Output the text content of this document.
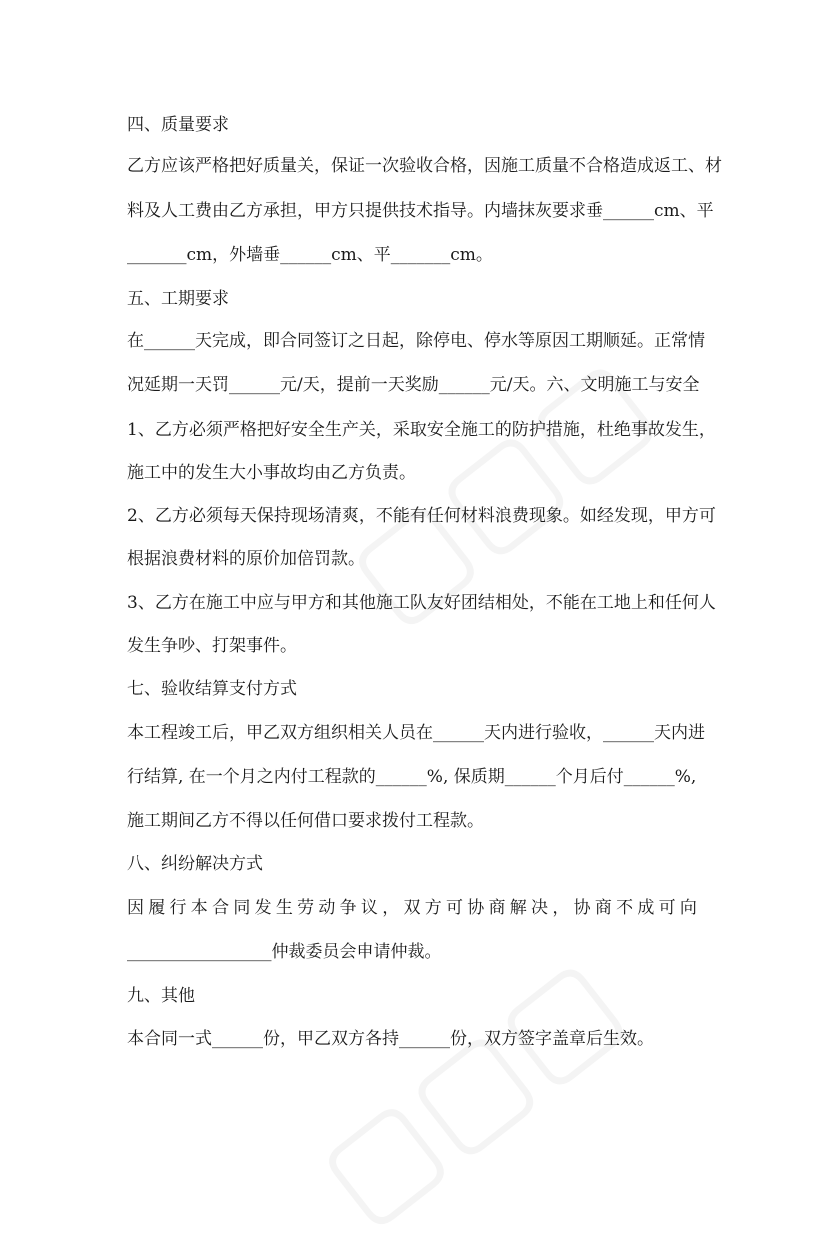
四、质量要求
乙方应该严格把好质量关，保证一次验收合格，因施工质量不合格造成返工、材
料及人工费由乙方承担，甲方只提供技术指导。内墙抹灰要求垂______cm、平
_______cm，外墙垂______cm、平_______cm。
五、工期要求
在______天完成，即合同签订之日起，除停电、停水等原因工期顺延。正常情
况延期一天罚______元/天，提前一天奖励______元/天。六、文明施工与安全
1、乙方必须严格把好安全生产关，采取安全施工的防护措施，杜绝事故发生，
施工中的发生大小事故均由乙方负责。
2、乙方必须每天保持现场清爽，不能有任何材料浪费现象。如经发现，甲方可
根据浪费材料的原价加倍罚款。
3、乙方在施工中应与甲方和其他施工队友好团结相处，不能在工地上和任何人
发生争吵、打架事件。
七、验收结算支付方式
本工程竣工后，甲乙双方组织相关人员在______天内进行验收，______天内进
行结算, 在一个月之内付工程款的______%, 保质期______个月后付______%,
施工期间乙方不得以任何借口要求拨付工程款。
八、纠纷解决方式
因 履 行 本 合 同 发 生 劳 动 争 议 ， 双 方 可 协 商 解 决 ， 协 商 不 成 可 向
_________________仲裁委员会申请仲裁。
九、其他
本合同一式______份，甲乙双方各持______份，双方签字盖章后生效。
